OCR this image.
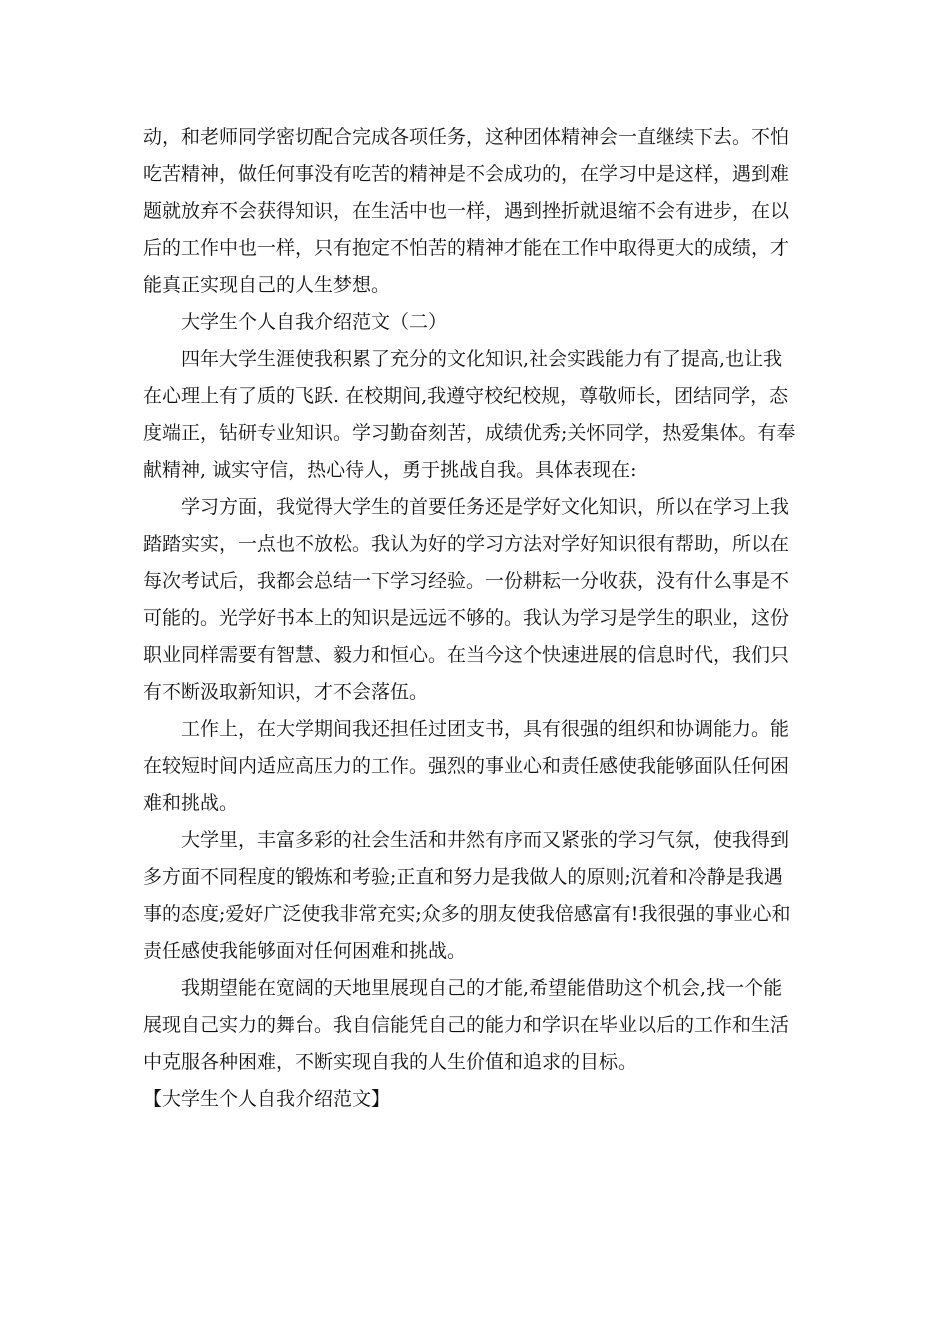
动，和老师同学密切配合完成各项任务，这种团体精神会一直继续下去。不怕
吃苦精神，做任何事没有吃苦的精神是不会成功的，在学习中是这样，遇到难
题就放弃不会获得知识，在生活中也一样，遇到挫折就退缩不会有进步，在以
后的工作中也一样，只有抱定不怕苦的精神才能在工作中取得更大的成绩，才
能真正实现自己的人生梦想。
大学生个人自我介绍范文（二）
四年大学生涯使我积累了充分的文化知识,社会实践能力有了提高,也让我
在心理上有了质的飞跃. 在校期间,我遵守校纪校规，尊敬师长，团结同学，态
度端正，钻研专业知识。学习勤奋刻苦，成绩优秀;关怀同学，热爱集体。有奉
献精神, 诚实守信，热心待人，勇于挑战自我。具体表现在:
学习方面，我觉得大学生的首要任务还是学好文化知识，所以在学习上我
踏踏实实，一点也不放松。我认为好的学习方法对学好知识很有帮助，所以在
每次考试后，我都会总结一下学习经验。一份耕耘一分收获，没有什么事是不
可能的。光学好书本上的知识是远远不够的。我认为学习是学生的职业，这份
职业同样需要有智慧、毅力和恒心。在当今这个快速进展的信息时代，我们只
有不断汲取新知识，才不会落伍。
工作上，在大学期间我还担任过团支书，具有很强的组织和协调能力。能
在较短时间内适应高压力的工作。强烈的事业心和责任感使我能够面队任何困
难和挑战。
大学里，丰富多彩的社会生活和井然有序而又紧张的学习气氛，使我得到
多方面不同程度的锻炼和考验;正直和努力是我做人的原则;沉着和冷静是我遇
事的态度;爱好广泛使我非常充实;众多的朋友使我倍感富有!我很强的事业心和
责任感使我能够面对任何困难和挑战。
我期望能在宽阔的天地里展现自己的才能,希望能借助这个机会,找一个能
展现自己实力的舞台。我自信能凭自己的能力和学识在毕业以后的工作和生活
中克服各种困难，不断实现自我的人生价值和追求的目标。
【大学生个人自我介绍范文】
